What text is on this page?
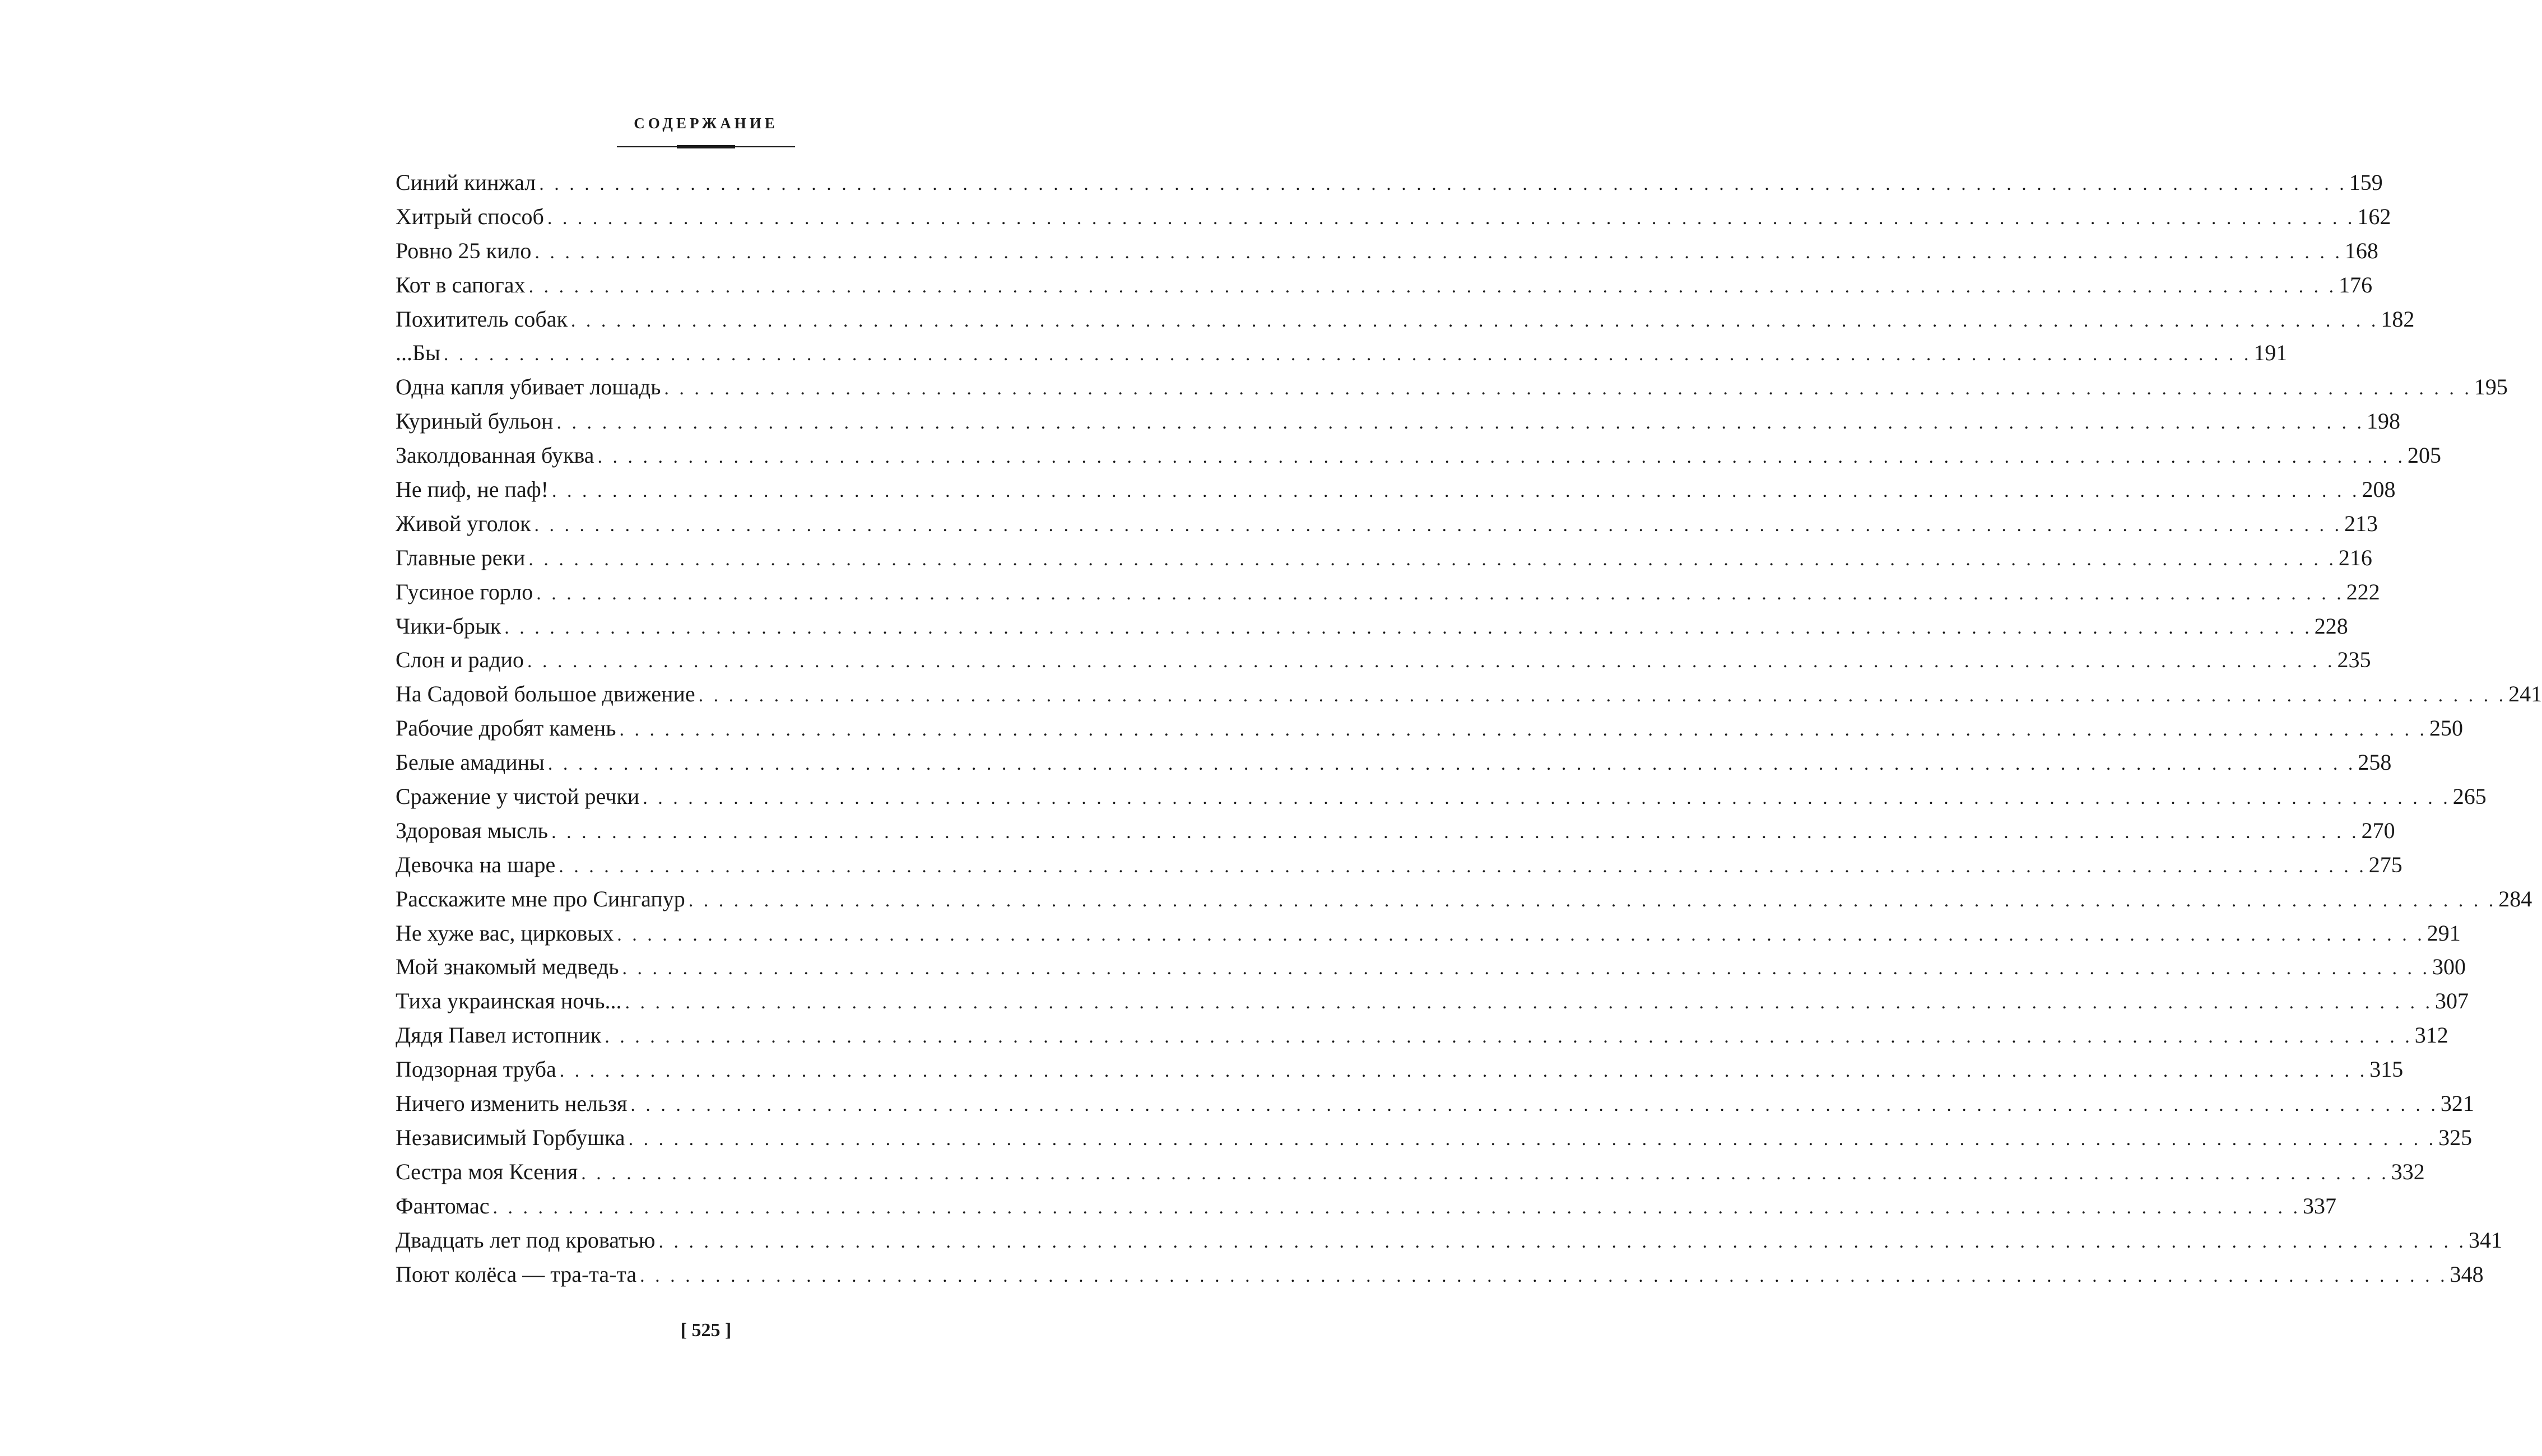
СОДЕРЖАНИЕ
Синий кинжал . . . . . . . . . . . . . . . . . . . . . . . . . . . . . . . . . . . . . . . . . . . . . . . . . . . . . . . . . . . . . . . . . . . . . . . . . . . . . . . . . . . . . . . . . . . . . . . . . . . . . . . . . . . . . . . . . . . . . . . . 159
Хитрый способ . . . . . . . . . . . . . . . . . . . . . . . . . . . . . . . . . . . . . . . . . . . . . . . . . . . . . . . . . . . . . . . . . . . . . . . . . . . . . . . . . . . . . . . . . . . . . . . . . . . . . . . . . . . . . . . . . . . . . . . . 162
Ровно 25 кило . . . . . . . . . . . . . . . . . . . . . . . . . . . . . . . . . . . . . . . . . . . . . . . . . . . . . . . . . . . . . . . . . . . . . . . . . . . . . . . . . . . . . . . . . . . . . . . . . . . . . . . . . . . . . . . . . . . . . . . . 168
Кот в сапогах . . . . . . . . . . . . . . . . . . . . . . . . . . . . . . . . . . . . . . . . . . . . . . . . . . . . . . . . . . . . . . . . . . . . . . . . . . . . . . . . . . . . . . . . . . . . . . . . . . . . . . . . . . . . . . . . . . . . . . . . 176
Похититель собак . . . . . . . . . . . . . . . . . . . . . . . . . . . . . . . . . . . . . . . . . . . . . . . . . . . . . . . . . . . . . . . . . . . . . . . . . . . . . . . . . . . . . . . . . . . . . . . . . . . . . . . . . . . . . . . . . . . . . . . . 182
...Бы . . . . . . . . . . . . . . . . . . . . . . . . . . . . . . . . . . . . . . . . . . . . . . . . . . . . . . . . . . . . . . . . . . . . . . . . . . . . . . . . . . . . . . . . . . . . . . . . . . . . . . . . . . . . . . . . . . . . . . . . 191
Одна капля убивает лошадь . . . . . . . . . . . . . . . . . . . . . . . . . . . . . . . . . . . . . . . . . . . . . . . . . . . . . . . . . . . . . . . . . . . . . . . . . . . . . . . . . . . . . . . . . . . . . . . . . . . . . . . . . . . . . . . . . . . . . . . . 195
Куриный бульон . . . . . . . . . . . . . . . . . . . . . . . . . . . . . . . . . . . . . . . . . . . . . . . . . . . . . . . . . . . . . . . . . . . . . . . . . . . . . . . . . . . . . . . . . . . . . . . . . . . . . . . . . . . . . . . . . . . . . . . . 198
Заколдованная буква . . . . . . . . . . . . . . . . . . . . . . . . . . . . . . . . . . . . . . . . . . . . . . . . . . . . . . . . . . . . . . . . . . . . . . . . . . . . . . . . . . . . . . . . . . . . . . . . . . . . . . . . . . . . . . . . . . . . . . . . 205
Не пиф, не паф! . . . . . . . . . . . . . . . . . . . . . . . . . . . . . . . . . . . . . . . . . . . . . . . . . . . . . . . . . . . . . . . . . . . . . . . . . . . . . . . . . . . . . . . . . . . . . . . . . . . . . . . . . . . . . . . . . . . . . . . . 208
Живой уголок . . . . . . . . . . . . . . . . . . . . . . . . . . . . . . . . . . . . . . . . . . . . . . . . . . . . . . . . . . . . . . . . . . . . . . . . . . . . . . . . . . . . . . . . . . . . . . . . . . . . . . . . . . . . . . . . . . . . . . . . 213
Главные реки . . . . . . . . . . . . . . . . . . . . . . . . . . . . . . . . . . . . . . . . . . . . . . . . . . . . . . . . . . . . . . . . . . . . . . . . . . . . . . . . . . . . . . . . . . . . . . . . . . . . . . . . . . . . . . . . . . . . . . . . 216
Гусиное горло . . . . . . . . . . . . . . . . . . . . . . . . . . . . . . . . . . . . . . . . . . . . . . . . . . . . . . . . . . . . . . . . . . . . . . . . . . . . . . . . . . . . . . . . . . . . . . . . . . . . . . . . . . . . . . . . . . . . . . . . 222
Чики-брык . . . . . . . . . . . . . . . . . . . . . . . . . . . . . . . . . . . . . . . . . . . . . . . . . . . . . . . . . . . . . . . . . . . . . . . . . . . . . . . . . . . . . . . . . . . . . . . . . . . . . . . . . . . . . . . . . . . . . . . . 228
Слон и радио . . . . . . . . . . . . . . . . . . . . . . . . . . . . . . . . . . . . . . . . . . . . . . . . . . . . . . . . . . . . . . . . . . . . . . . . . . . . . . . . . . . . . . . . . . . . . . . . . . . . . . . . . . . . . . . . . . . . . . . . 235
На Садовой большое движение . . . . . . . . . . . . . . . . . . . . . . . . . . . . . . . . . . . . . . . . . . . . . . . . . . . . . . . . . . . . . . . . . . . . . . . . . . . . . . . . . . . . . . . . . . . . . . . . . . . . . . . . . . . . . . . . . . . . . . . . 241
Рабочие дробят камень . . . . . . . . . . . . . . . . . . . . . . . . . . . . . . . . . . . . . . . . . . . . . . . . . . . . . . . . . . . . . . . . . . . . . . . . . . . . . . . . . . . . . . . . . . . . . . . . . . . . . . . . . . . . . . . . . . . . . . . . 250
Белые амадины . . . . . . . . . . . . . . . . . . . . . . . . . . . . . . . . . . . . . . . . . . . . . . . . . . . . . . . . . . . . . . . . . . . . . . . . . . . . . . . . . . . . . . . . . . . . . . . . . . . . . . . . . . . . . . . . . . . . . . . . 258
Сражение у чистой речки . . . . . . . . . . . . . . . . . . . . . . . . . . . . . . . . . . . . . . . . . . . . . . . . . . . . . . . . . . . . . . . . . . . . . . . . . . . . . . . . . . . . . . . . . . . . . . . . . . . . . . . . . . . . . . . . . . . . . . . . 265
Здоровая мысль . . . . . . . . . . . . . . . . . . . . . . . . . . . . . . . . . . . . . . . . . . . . . . . . . . . . . . . . . . . . . . . . . . . . . . . . . . . . . . . . . . . . . . . . . . . . . . . . . . . . . . . . . . . . . . . . . . . . . . . . 270
Девочка на шаре . . . . . . . . . . . . . . . . . . . . . . . . . . . . . . . . . . . . . . . . . . . . . . . . . . . . . . . . . . . . . . . . . . . . . . . . . . . . . . . . . . . . . . . . . . . . . . . . . . . . . . . . . . . . . . . . . . . . . . . . 275
Расскажите мне про Сингапур . . . . . . . . . . . . . . . . . . . . . . . . . . . . . . . . . . . . . . . . . . . . . . . . . . . . . . . . . . . . . . . . . . . . . . . . . . . . . . . . . . . . . . . . . . . . . . . . . . . . . . . . . . . . . . . . . . . . . . . . 284
Не хуже вас, цирковых . . . . . . . . . . . . . . . . . . . . . . . . . . . . . . . . . . . . . . . . . . . . . . . . . . . . . . . . . . . . . . . . . . . . . . . . . . . . . . . . . . . . . . . . . . . . . . . . . . . . . . . . . . . . . . . . . . . . . . . . 291
Мой знакомый медведь . . . . . . . . . . . . . . . . . . . . . . . . . . . . . . . . . . . . . . . . . . . . . . . . . . . . . . . . . . . . . . . . . . . . . . . . . . . . . . . . . . . . . . . . . . . . . . . . . . . . . . . . . . . . . . . . . . . . . . . . 300
Тиха украинская ночь... . . . . . . . . . . . . . . . . . . . . . . . . . . . . . . . . . . . . . . . . . . . . . . . . . . . . . . . . . . . . . . . . . . . . . . . . . . . . . . . . . . . . . . . . . . . . . . . . . . . . . . . . . . . . . . . . . . . . . . . . 307
Дядя Павел истопник . . . . . . . . . . . . . . . . . . . . . . . . . . . . . . . . . . . . . . . . . . . . . . . . . . . . . . . . . . . . . . . . . . . . . . . . . . . . . . . . . . . . . . . . . . . . . . . . . . . . . . . . . . . . . . . . . . . . . . . . 312
Подзорная труба . . . . . . . . . . . . . . . . . . . . . . . . . . . . . . . . . . . . . . . . . . . . . . . . . . . . . . . . . . . . . . . . . . . . . . . . . . . . . . . . . . . . . . . . . . . . . . . . . . . . . . . . . . . . . . . . . . . . . . . . 315
Ничего изменить нельзя . . . . . . . . . . . . . . . . . . . . . . . . . . . . . . . . . . . . . . . . . . . . . . . . . . . . . . . . . . . . . . . . . . . . . . . . . . . . . . . . . . . . . . . . . . . . . . . . . . . . . . . . . . . . . . . . . . . . . . . . 321
Независимый Горбушка . . . . . . . . . . . . . . . . . . . . . . . . . . . . . . . . . . . . . . . . . . . . . . . . . . . . . . . . . . . . . . . . . . . . . . . . . . . . . . . . . . . . . . . . . . . . . . . . . . . . . . . . . . . . . . . . . . . . . . . . 325
Сестра моя Ксения . . . . . . . . . . . . . . . . . . . . . . . . . . . . . . . . . . . . . . . . . . . . . . . . . . . . . . . . . . . . . . . . . . . . . . . . . . . . . . . . . . . . . . . . . . . . . . . . . . . . . . . . . . . . . . . . . . . . . . . . 332
Фантомас . . . . . . . . . . . . . . . . . . . . . . . . . . . . . . . . . . . . . . . . . . . . . . . . . . . . . . . . . . . . . . . . . . . . . . . . . . . . . . . . . . . . . . . . . . . . . . . . . . . . . . . . . . . . . . . . . . . . . . . . 337
Двадцать лет под кроватью . . . . . . . . . . . . . . . . . . . . . . . . . . . . . . . . . . . . . . . . . . . . . . . . . . . . . . . . . . . . . . . . . . . . . . . . . . . . . . . . . . . . . . . . . . . . . . . . . . . . . . . . . . . . . . . . . . . . . . . . 341
Поют колёса — тра-та-та . . . . . . . . . . . . . . . . . . . . . . . . . . . . . . . . . . . . . . . . . . . . . . . . . . . . . . . . . . . . . . . . . . . . . . . . . . . . . . . . . . . . . . . . . . . . . . . . . . . . . . . . . . . . . . . . . . . . . . . . 348
[ 525 ]
